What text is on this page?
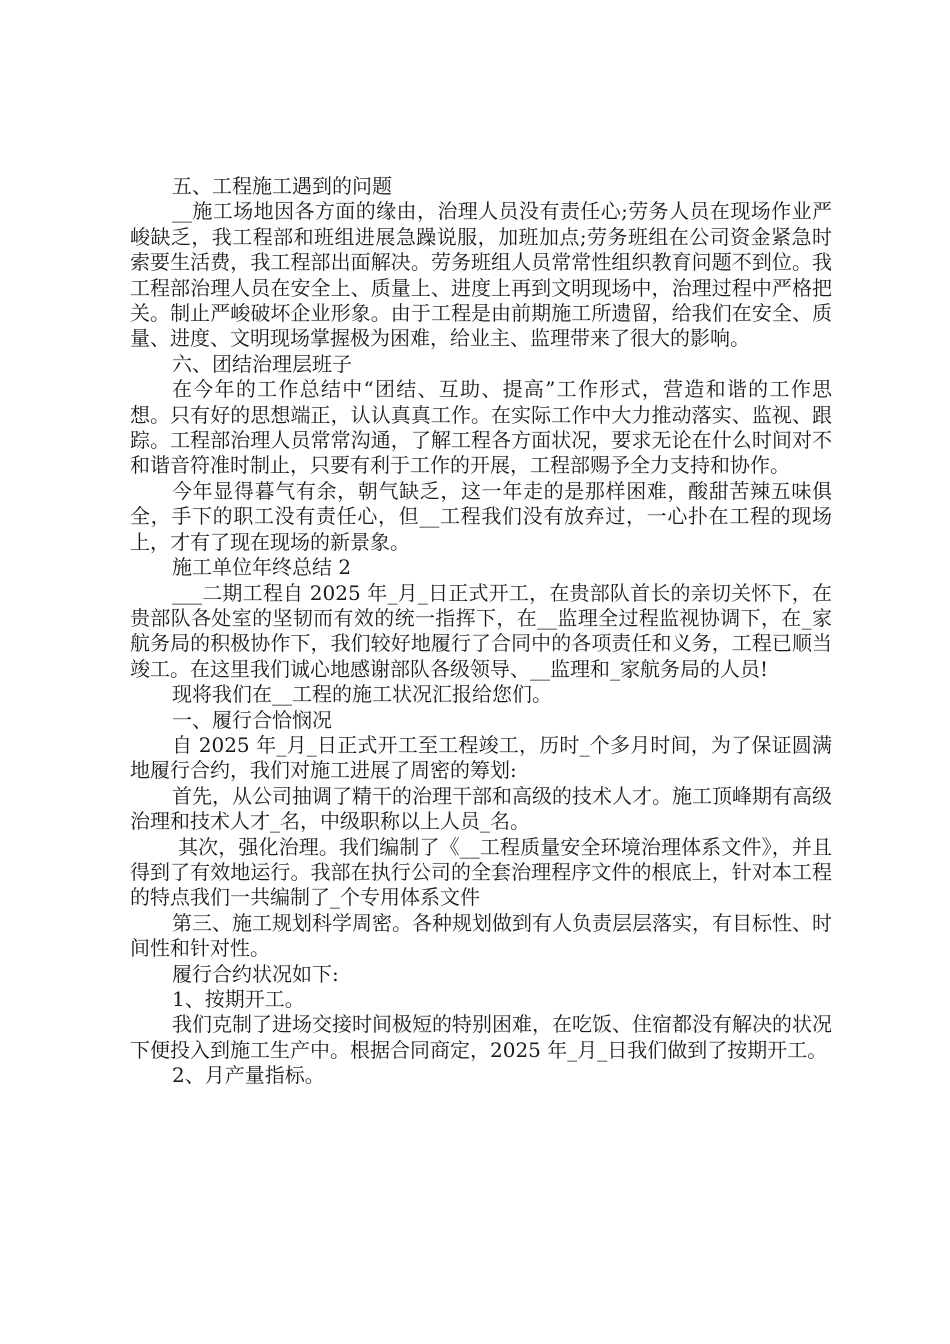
五、工程施工遇到的问题

__施工场地因各方面的缘由，治理人员没有责任心;劳务人员在现场作业严峻缺乏，我工程部和班组进展急躁说服，加班加点;劳务班组在公司资金紧急时索要生活费，我工程部出面解决。劳务班组人员常常性组织教育问题不到位。我工程部治理人员在安全上、质量上、进度上再到文明现场中，治理过程中严格把关。制止严峻破坏企业形象。由于工程是由前期施工所遗留，给我们在安全、质量、进度、文明现场掌握极为困难，给业主、监理带来了很大的影响。

六、团结治理层班子

在今年的工作总结中“团结、互助、提高”工作形式，营造和谐的工作思想。只有好的思想端正，认认真真工作。在实际工作中大力推动落实、监视、跟踪。工程部治理人员常常沟通，了解工程各方面状况，要求无论在什么时间对不和谐音符准时制止，只要有利于工作的开展，工程部赐予全力支持和协作。

今年显得暮气有余，朝气缺乏，这一年走的是那样困难，酸甜苦辣五味俱全，手下的职工没有责任心，但__工程我们没有放弃过，一心扑在工程的现场上，才有了现在现场的新景象。

施工单位年终总结 2

___二期工程自 2025 年_月_日正式开工，在贵部队首长的亲切关怀下，在贵部队各处室的坚韧而有效的统一指挥下，在__监理全过程监视协调下，在_家航务局的积极协作下，我们较好地履行了合同中的各项责任和义务，工程已顺当竣工。在这里我们诚心地感谢部队各级领导、__监理和_家航务局的人员!

现将我们在__工程的施工状况汇报给您们。

一、履行合恰悯况

自 2025 年_月_日正式开工至工程竣工，历时_个多月时间，为了保证圆满地履行合约，我们对施工进展了周密的筹划:

首先，从公司抽调了精干的治理干部和高级的技术人才。施工顶峰期有高级治理和技术人才_名，中级职称以上人员_名。

其次，强化治理。我们编制了《__工程质量安全环境治理体系文件》，并且得到了有效地运行。我部在执行公司的全套治理程序文件的根底上，针对本工程的特点我们一共编制了_个专用体系文件

第三、施工规划科学周密。各种规划做到有人负责层层落实，有目标性、时间性和针对性。

履行合约状况如下:

1、按期开工。

我们克制了进场交接时间极短的特别困难，在吃饭、住宿都没有解决的状况下便投入到施工生产中。根据合同商定，2025 年_月_日我们做到了按期开工。

2、月产量指标。
